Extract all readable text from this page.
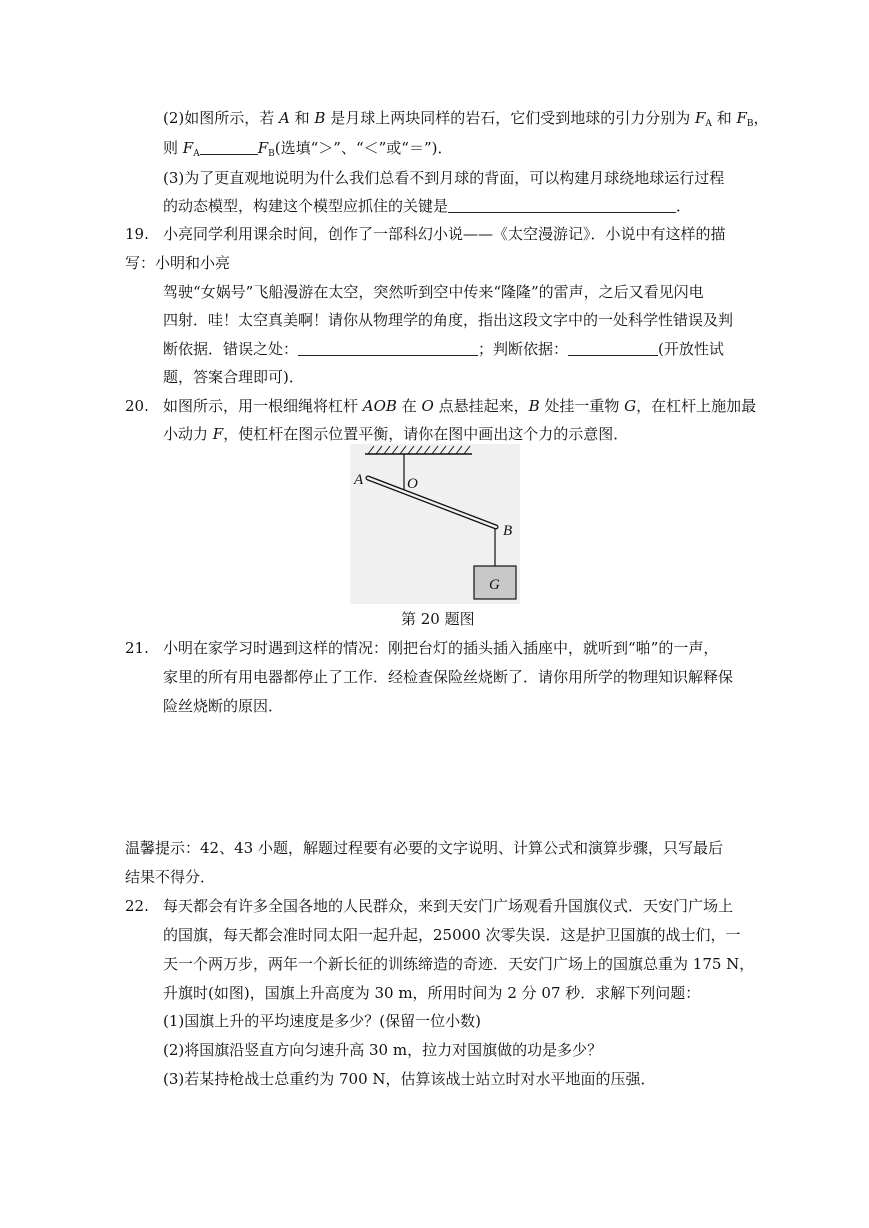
(2)如图所示，若 A 和 B 是月球上两块同样的岩石，它们受到地球的引力分别为 $F_A$ 和 $F_B$，
则 $F_A$	$F_B$(选填“＞”、“＜”或“＝”)．
(3)为了更直观地说明为什么我们总看不到月球的背面，可以构建月球绕地球运行过程
的动态模型，构建这个模型应抓住的关键是	．
19. 小亮同学利用课余时间，创作了一部科幻小说——《太空漫游记》．小说中有这样的描
写：小明和小亮
驾驶“女娲号”飞船漫游在太空，突然听到空中传来“隆隆”的雷声，之后又看见闪电
四射．哇！太空真美啊！请你从物理学的角度，指出这段文字中的一处科学性错误及判
断依据．错误之处：	；判断依据：	(开放性试
题，答案合理即可)．
20. 如图所示，用一根细绳将杠杆 AOB 在 O 点悬挂起来，B 处挂一重物 G，在杠杆上施加最
小动力 F，使杠杆在图示位置平衡，请你在图中画出这个力的示意图．
A	O
B
G
第 20 题图
21. 小明在家学习时遇到这样的情况：刚把台灯的插头插入插座中，就听到“啪”的一声，
家里的所有用电器都停止了工作．经检查保险丝烧断了．请你用所学的物理知识解释保
险丝烧断的原因．
温馨提示：42、43 小题，解题过程要有必要的文字说明、计算公式和演算步骤，只写最后
结果不得分．
22. 每天都会有许多全国各地的人民群众，来到天安门广场观看升国旗仪式．天安门广场上
的国旗，每天都会准时同太阳一起升起，25000 次零失误．这是护卫国旗的战士们，一
天一个两万步，两年一个新长征的训练缔造的奇迹．天安门广场上的国旗总重为 175 N，
升旗时(如图)，国旗上升高度为 30 m，所用时间为 2 分 07 秒．求解下列问题：
(1)国旗上升的平均速度是多少？(保留一位小数)
(2)将国旗沿竖直方向匀速升高 30 m，拉力对国旗做的功是多少？
(3)若某持枪战士总重约为 700 N，估算该战士站立时对水平地面的压强．
